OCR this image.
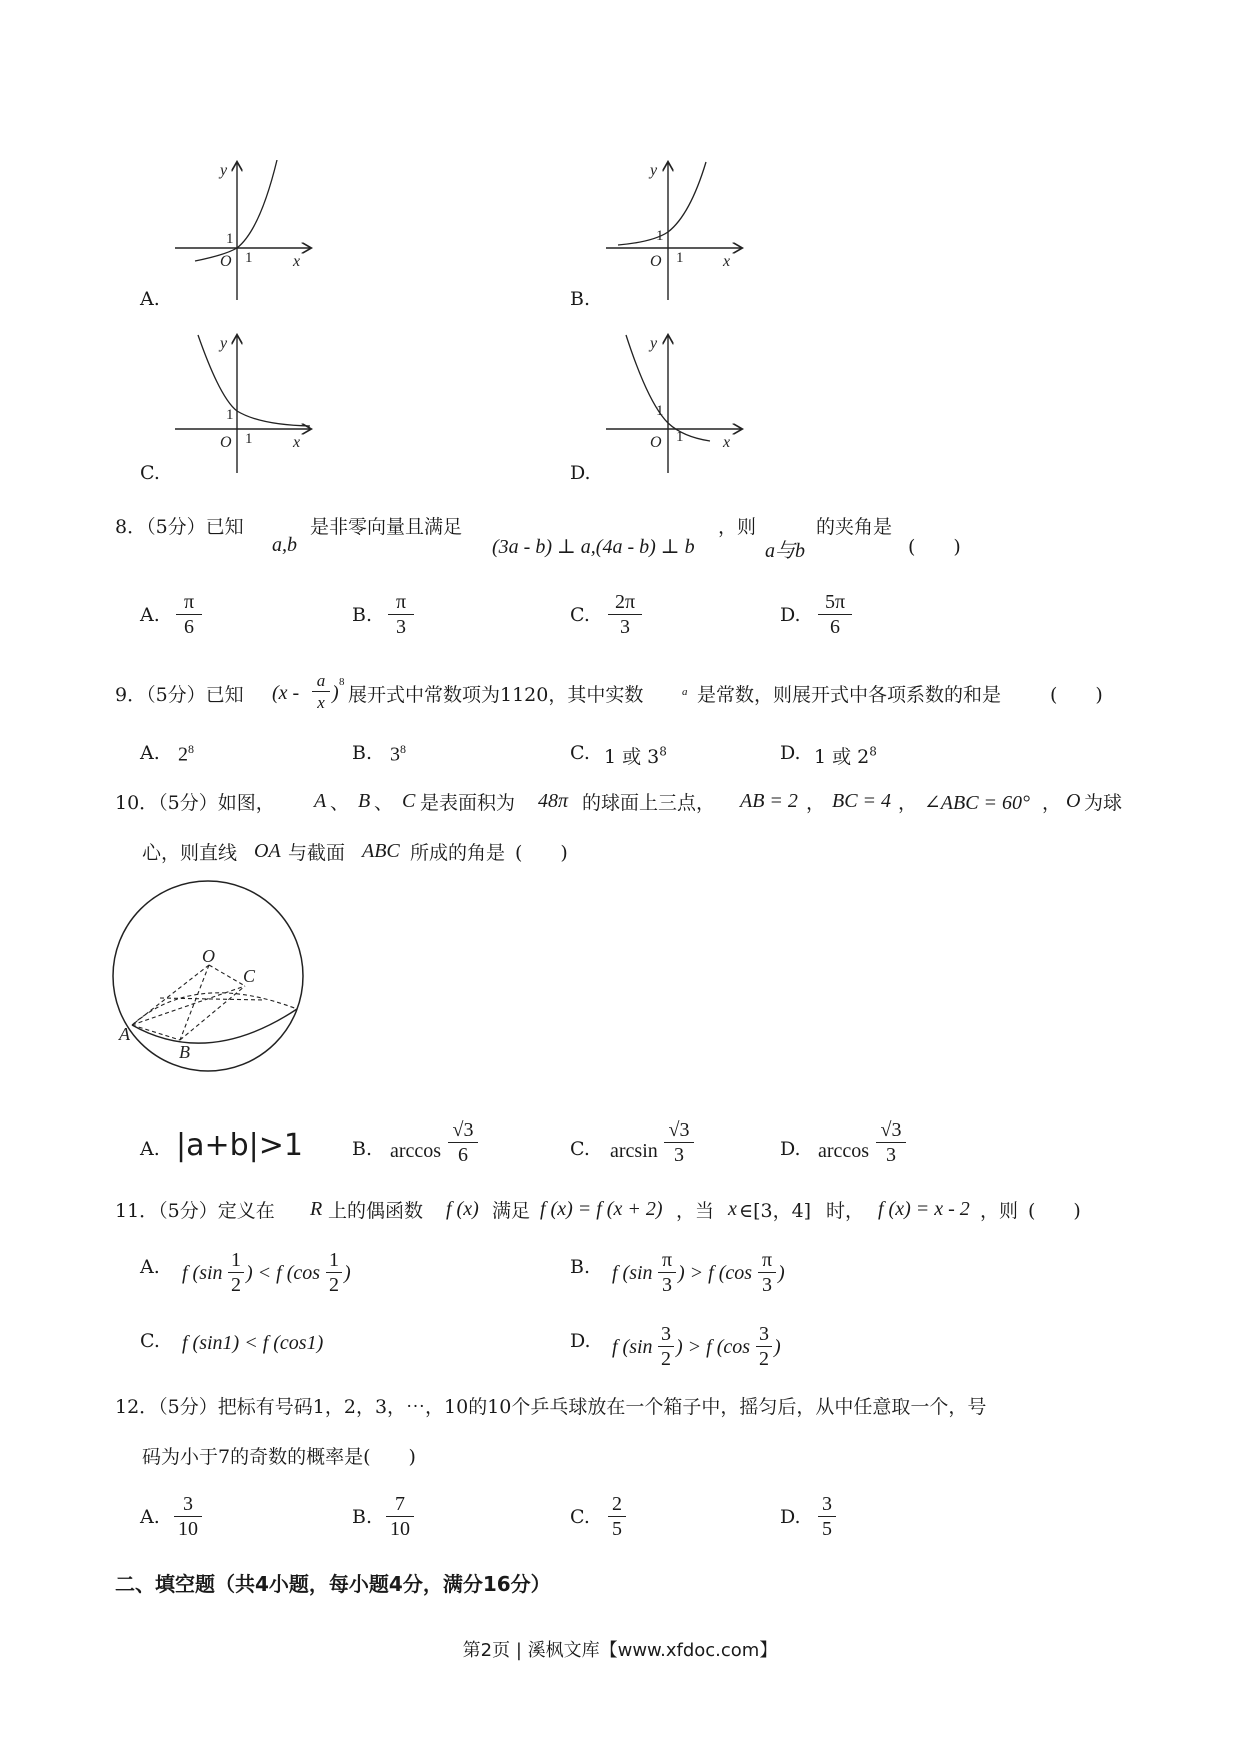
A.
y
x
O 1
1
B.
y
x
O 1
1
C.
y
x
O 1
1
D.
y
x
O 1
1
8．（5分）已知
a,b
是非零向量且满足
(3a - b) ⊥ a,(4a - b) ⊥ b
，则
a与b
的夹角是
(　　)
A. $\frac{\pi}{6}$	B. $\frac{\pi}{3}$	C. $\frac{2\pi}{3}$	D. $\frac{5\pi}{6}$
9．（5分）已知 ($x - \frac{a}{x}$ ) 8
展开式中常数项为1120，其中实数	a 是常数，则展开式中各项系数的和是	(　　)
A. $2^8$	B. $3^8$	C. 1 或 $3^8$	D. 1 或 $2^8$
10．（5分）如图， A 、 B 、 C 是表面积为 48π 的球面上三点， AB = 2 ， BC = 4 ， ∠ABC = 60° ， O 为球
心，则直线 OA 与截面 ABC 所成的角是 (　　)
O
C
A
B
A. |a+b|>1	B. $\arccos \frac{√3}{6}$	C. $\arcsin \frac{√3}{3}$	D. $\arccos \frac{√3}{3}$
11．（5分）定义在 R 上的偶函数 f (x) 满足 f (x) = f (x + 2) ，当 x ∈[3，4] 时， f (x) = x - 2 ，则 (　　)
A. f ($\sin \frac{1}{2}$ ) < f ($\cos \frac{1}{2}$ )	B. f ($\sin \frac{\pi}{3}$ ) > f ($\cos \frac{\pi}{3}$ )
C. f (sin1) < f (cos1)	D. f ($\sin \frac{3}{2}$ ) > f ($\cos \frac{3}{2}$ )
12．（5分）把标有号码1，2，3，⋯，10的10个乒乓球放在一个箱子中，摇匀后，从中任意取一个，号
码为小于7的奇数的概率是(　　)
A. $\frac{3}{10}$	B. $\frac{7}{10}$	C. $\frac{2}{5}$	D. $\frac{3}{5}$
二、填空题（共4小题，每小题4分，满分16分）
第2页 | 溪枫文库【www.xfdoc.com】
